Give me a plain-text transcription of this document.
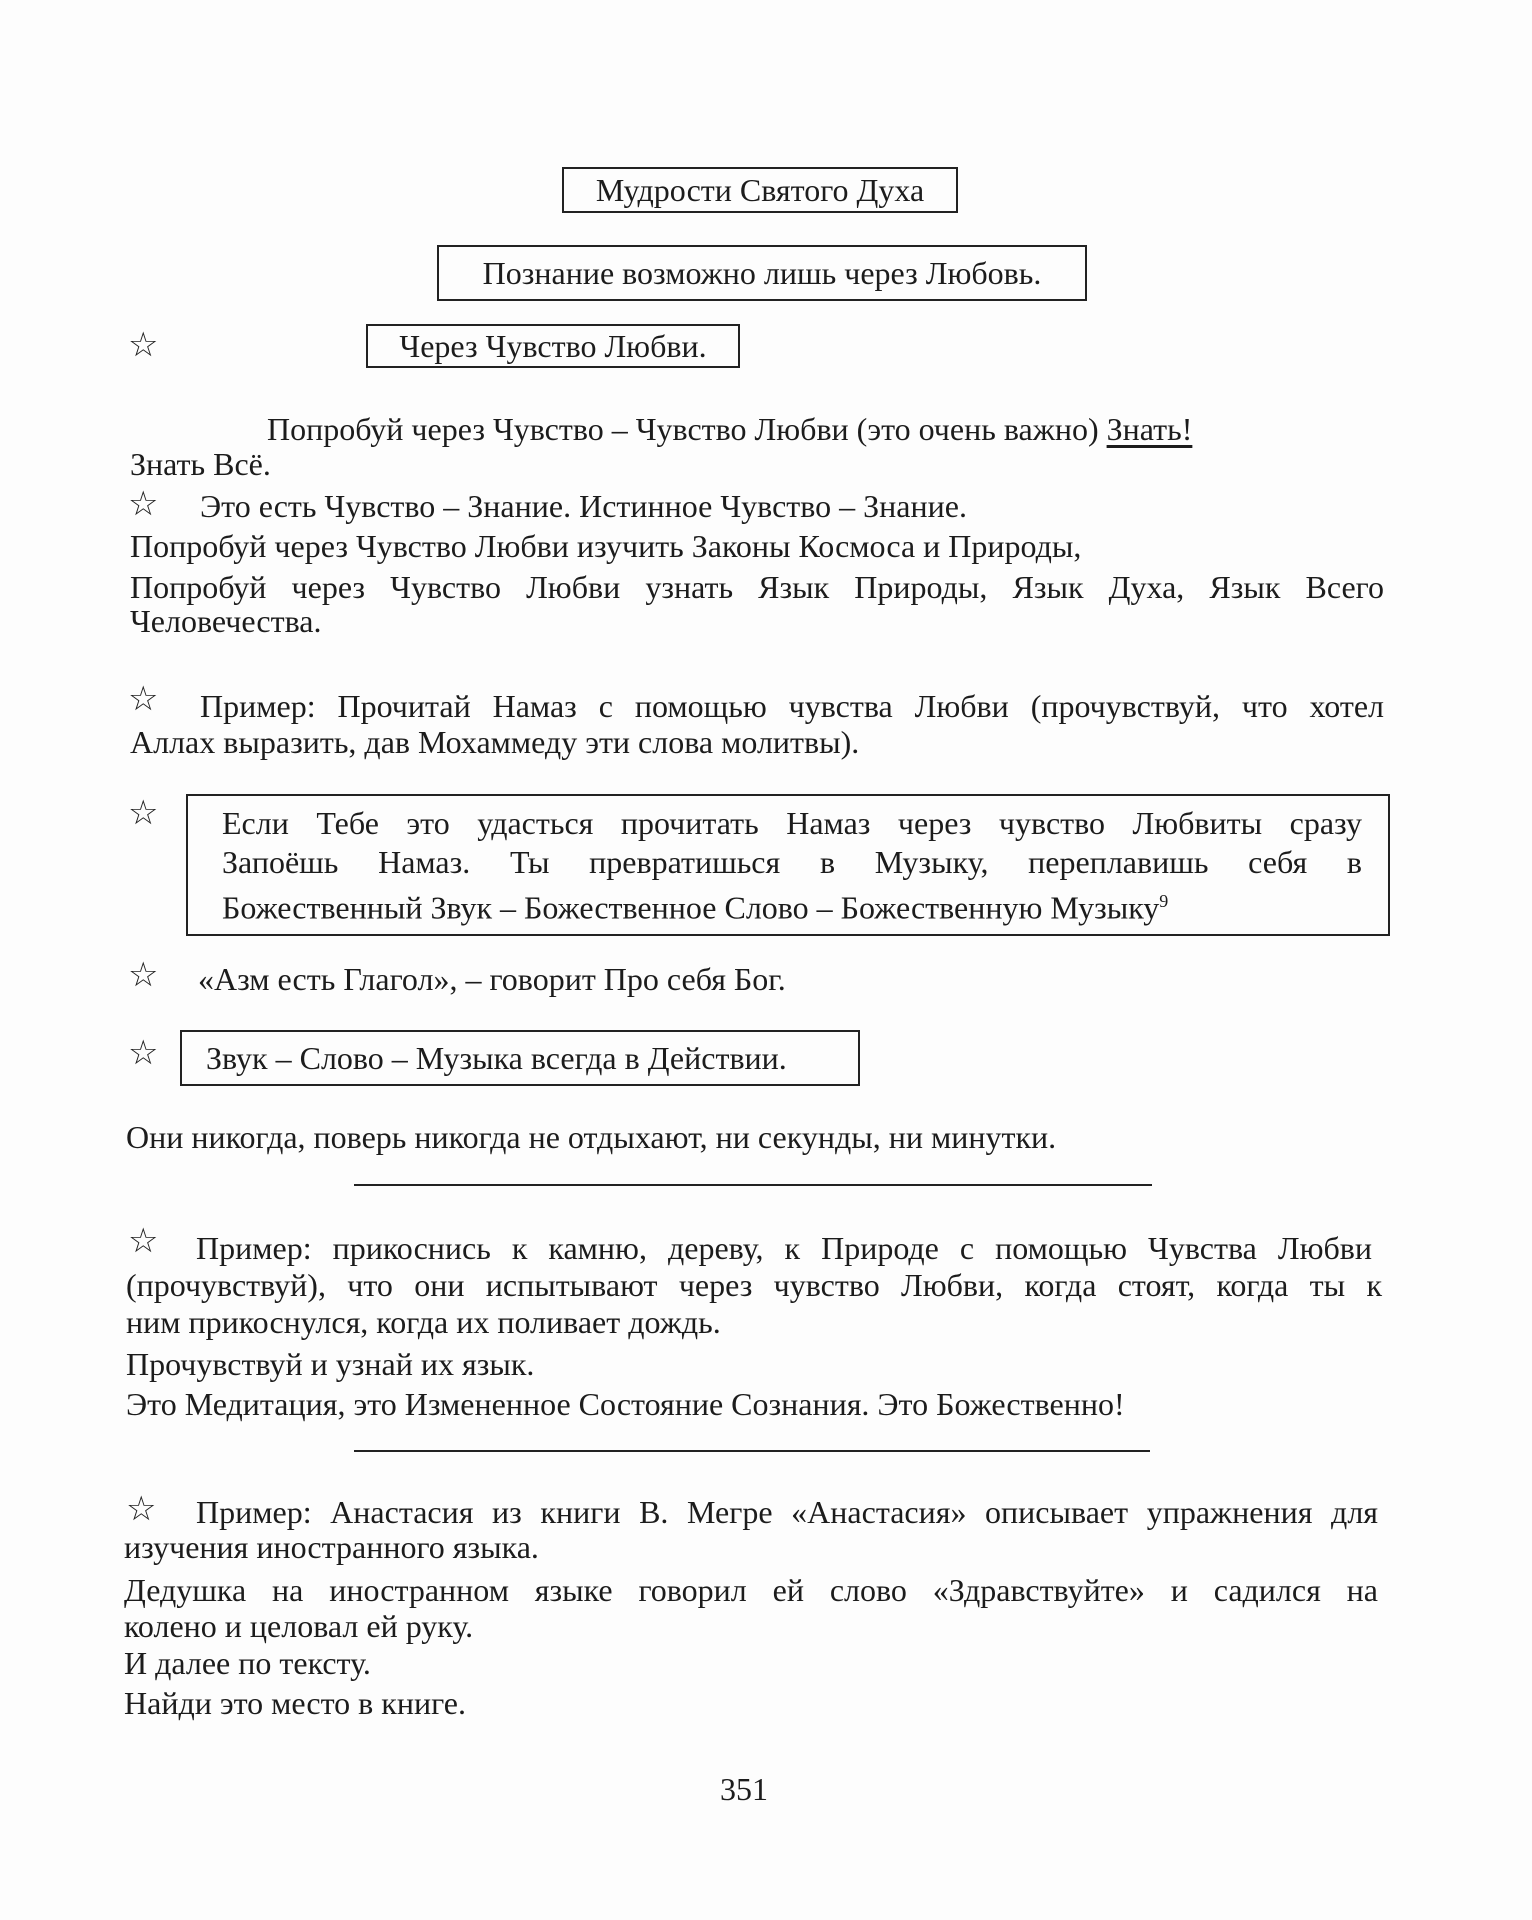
Мудрости Святого Духа
Познание возможно лишь через Любовь.
☆	Через Чувство Любви.
Попробуй через Чувство – Чувство Любви (это очень важно) Знать!
Знать Всё.
☆ Это есть Чувство – Знание. Истинное Чувство – Знание.
Попробуй через Чувство Любви изучить Законы Космоса и Природы,
Попробуй через Чувство Любви узнать Язык Природы, Язык Духа, Язык Всего
Человечества.
☆ Пример: Прочитай Намаз с помощью чувства Любви (прочувствуй, что хотел
Аллах выразить, дав Мохаммеду эти слова молитвы).
☆ Если Тебе это удасться прочитать Намаз через чувство Любвиты сразу
Запоёшь Намаз. Ты превратишься в Музыку, переплавишь себя в
Божественный Звук – Божественное Слово – Божественную Музыку$^9$
☆ «Азм есть Глагол», – говорит Про себя Бог.
☆ Звук – Слово – Музыка всегда в Действии.
Они никогда, поверь никогда не отдыхают, ни секунды, ни минутки.
☆ Пример: прикоснись к камню, дереву, к Природе с помощью Чувства Любви
(прочувствуй), что они испытывают через чувство Любви, когда стоят, когда ты к
ним прикоснулся, когда их поливает дождь.
Прочувствуй и узнай их язык.
Это Медитация, это Измененное Состояние Сознания. Это Божественно!
☆ Пример: Анастасия из книги В. Мегре «Анастасия» описывает упражнения для
изучения иностранного языка.
Дедушка на иностранном языке говорил ей слово «Здравствуйте» и садился на
колено и целовал ей руку.
И далее по тексту.
Найди это место в книге.
351
